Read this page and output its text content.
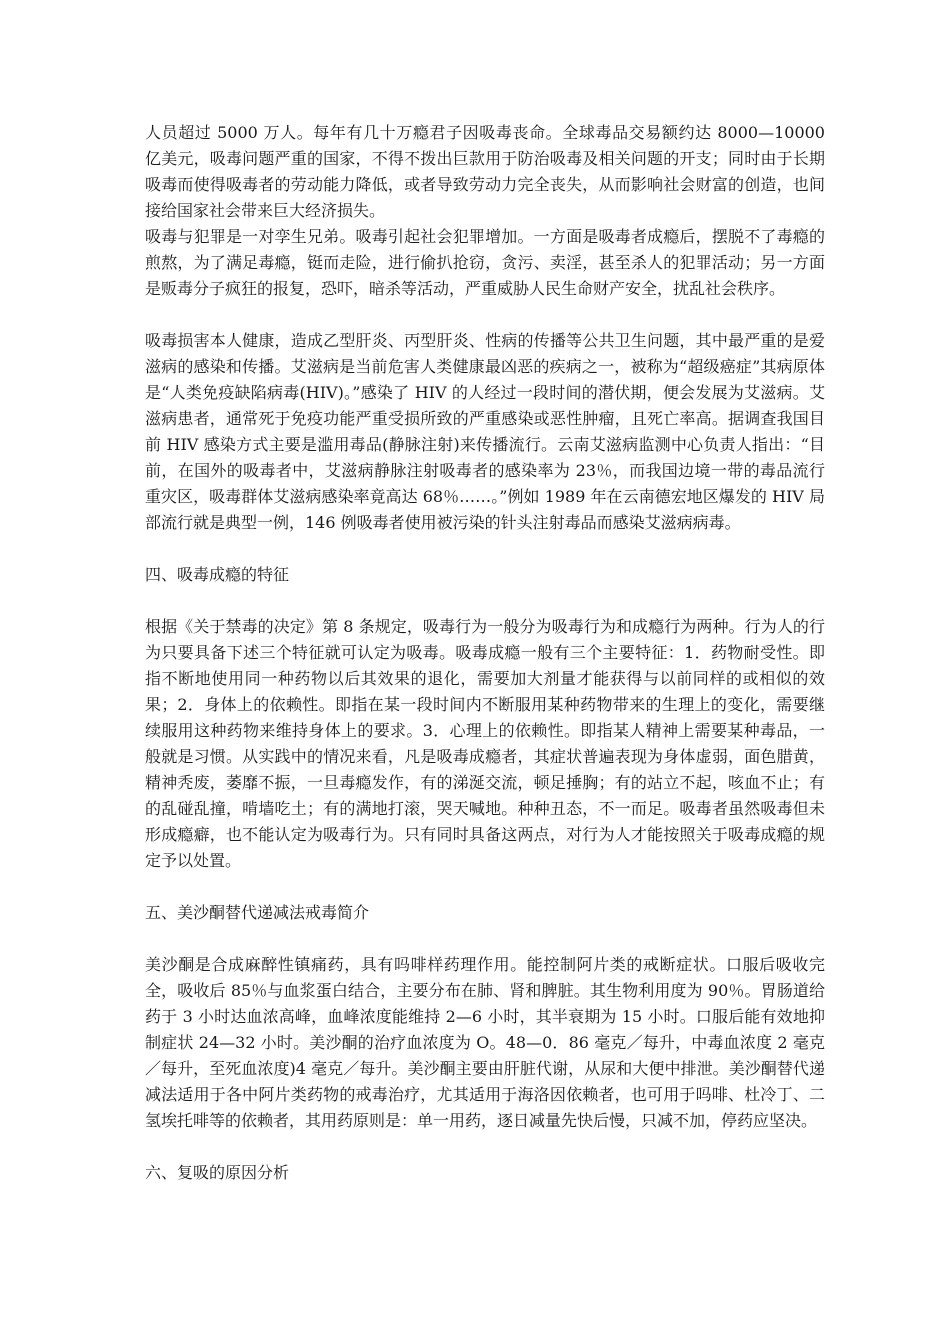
人员超过 5000 万人。每年有几十万瘾君子因吸毒丧命。全球毒品交易额约达 8000—10000 亿美元，吸毒问题严重的国家，不得不拨出巨款用于防治吸毒及相关问题的开支；同时由于长期吸毒而使得吸毒者的劳动能力降低，或者导致劳动力完全丧失，从而影响社会财富的创造，也间接给国家社会带来巨大经济损失。

吸毒与犯罪是一对孪生兄弟。吸毒引起社会犯罪增加。一方面是吸毒者成瘾后，摆脱不了毒瘾的煎熬，为了满足毒瘾，铤而走险，进行偷扒抢窃，贪污、卖淫，甚至杀人的犯罪活动；另一方面是贩毒分子疯狂的报复，恐吓，暗杀等活动，严重威胁人民生命财产安全，扰乱社会秩序。

吸毒损害本人健康，造成乙型肝炎、丙型肝炎、性病的传播等公共卫生问题，其中最严重的是爱滋病的感染和传播。艾滋病是当前危害人类健康最凶恶的疾病之一，被称为“超级癌症”其病原体是“人类免疫缺陷病毒(HIV)。”感染了 HIV 的人经过一段时间的潜伏期，便会发展为艾滋病。艾滋病患者，通常死于免疫功能严重受损所致的严重感染或恶性肿瘤，且死亡率高。据调查我国目前 HIV 感染方式主要是滥用毒品(静脉注射)来传播流行。云南艾滋病监测中心负责人指出：“目前，在国外的吸毒者中，艾滋病静脉注射吸毒者的感染率为 23％，而我国边境一带的毒品流行重灾区，吸毒群体艾滋病感染率竟高达 68％……。”例如 1989 年在云南德宏地区爆发的 HIV 局部流行就是典型一例，146 例吸毒者使用被污染的针头注射毒品而感染艾滋病病毒。

四、吸毒成瘾的特征

根据《关于禁毒的决定》第 8 条规定，吸毒行为一般分为吸毒行为和成瘾行为两种。行为人的行为只要具备下述三个特征就可认定为吸毒。吸毒成瘾一般有三个主要特征：1．药物耐受性。即指不断地使用同一种药物以后其效果的退化，需要加大剂量才能获得与以前同样的或相似的效果；2．身体上的依赖性。即指在某一段时间内不断服用某种药物带来的生理上的变化，需要继续服用这种药物来维持身体上的要求。3．心理上的依赖性。即指某人精神上需要某种毒品，一般就是习惯。从实践中的情况来看，凡是吸毒成瘾者，其症状普遍表现为身体虚弱，面色腊黄，精神秃废，萎靡不振，一旦毒瘾发作，有的涕涎交流，顿足捶胸；有的站立不起，咳血不止；有的乱碰乱撞，啃墙吃土；有的满地打滚，哭天喊地。种种丑态，不一而足。吸毒者虽然吸毒但未形成瘾癖，也不能认定为吸毒行为。只有同时具备这两点，对行为人才能按照关于吸毒成瘾的规定予以处置。

五、美沙酮替代递减法戒毒简介

美沙酮是合成麻醉性镇痛药，具有吗啡样药理作用。能控制阿片类的戒断症状。口服后吸收完全，吸收后 85％与血浆蛋白结合，主要分布在肺、肾和脾脏。其生物利用度为 90％。胃肠道给药于 3 小时达血浓高峰，血峰浓度能维持 2—6 小时，其半衰期为 15 小时。口服后能有效地抑制症状 24—32 小时。美沙酮的治疗血浓度为 O。48—0．86 毫克／每升，中毒血浓度 2 毫克／每升，至死血浓度)4 毫克／每升。美沙酮主要由肝脏代谢，从尿和大便中排泄。美沙酮替代递减法适用于各中阿片类药物的戒毒治疗，尤其适用于海洛因依赖者，也可用于吗啡、杜冷丁、二氢埃托啡等的依赖者，其用药原则是：单一用药，逐日减量先快后慢，只减不加，停药应坚决。

六、复吸的原因分析
